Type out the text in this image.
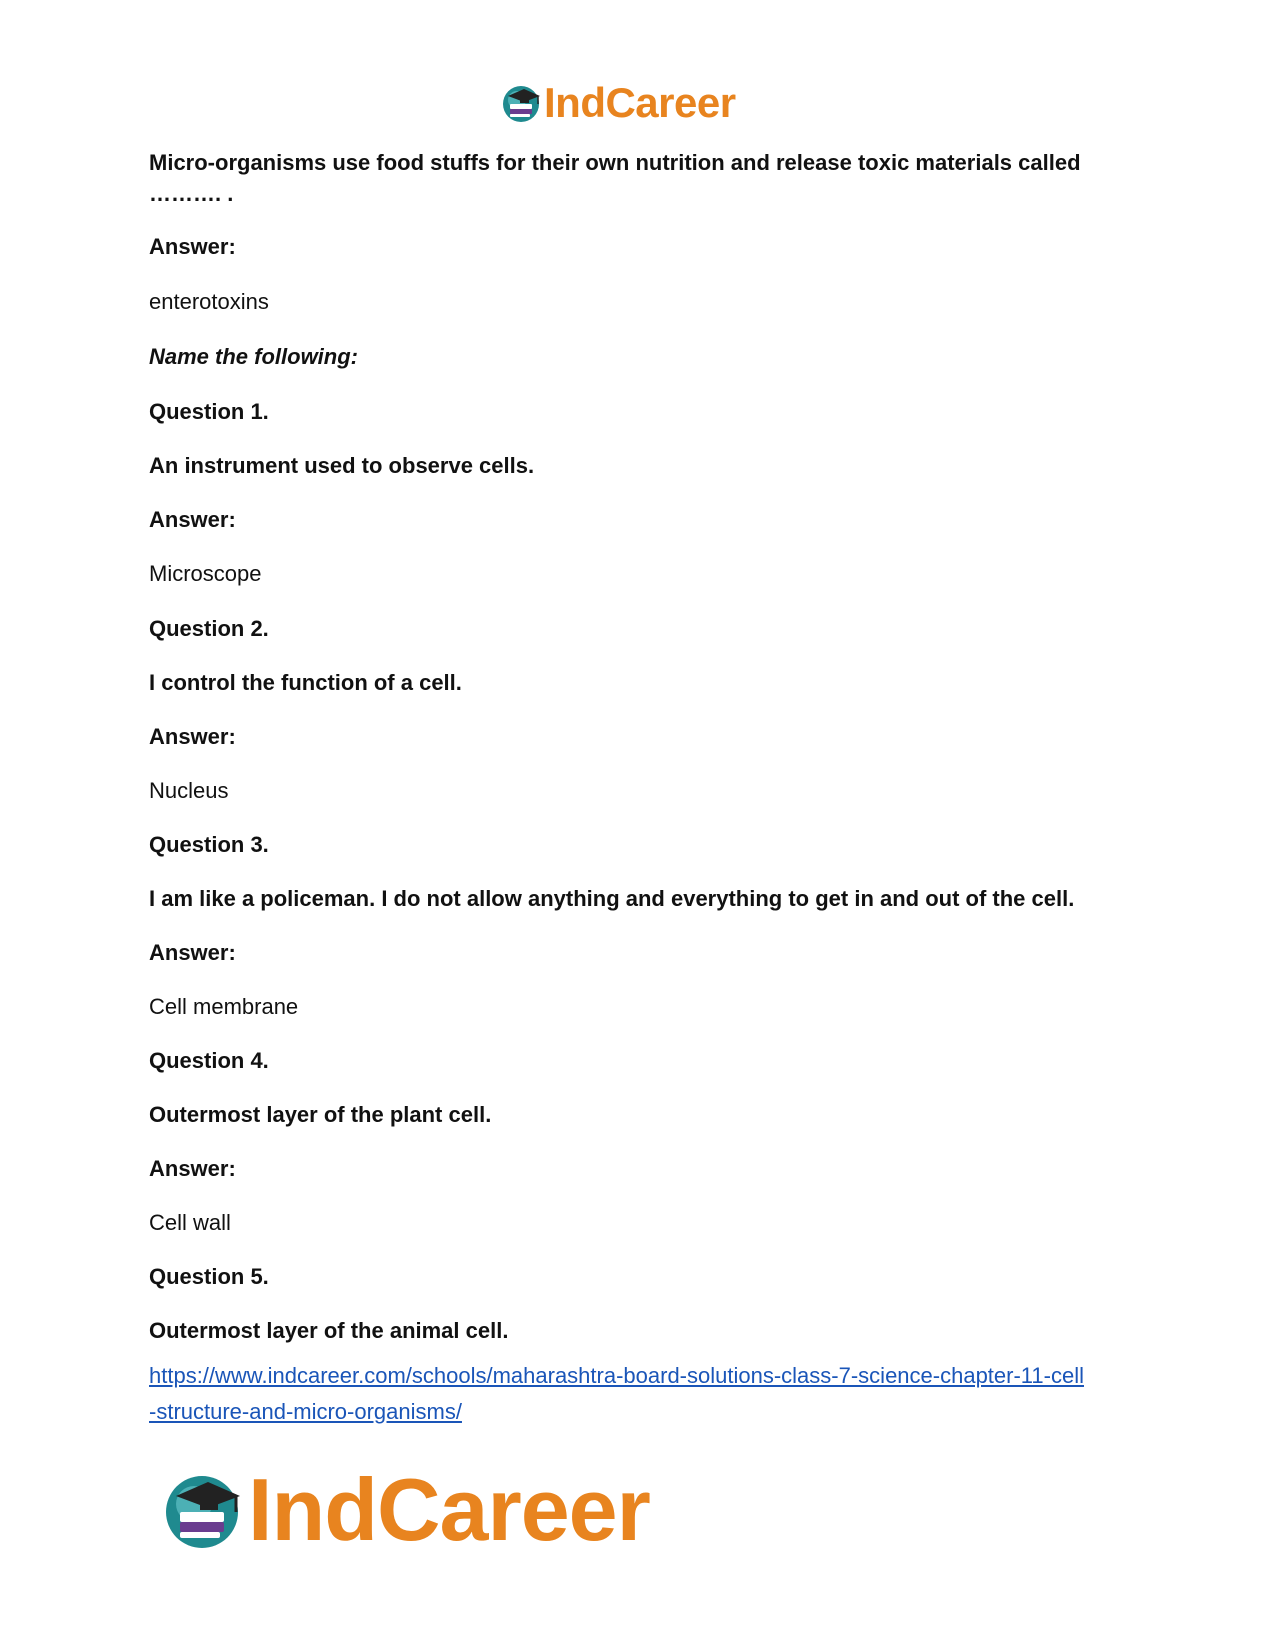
IndCareer

Micro-organisms use food stuffs for their own nutrition and release toxic materials called ………. .

Answer:

enterotoxins

Name the following:

Question 1.

An instrument used to observe cells.

Answer:

Microscope

Question 2.

I control the function of a cell.

Answer:

Nucleus

Question 3.

I am like a policeman. I do not allow anything and everything to get in and out of the cell.

Answer:

Cell membrane

Question 4.

Outermost layer of the plant cell.

Answer:

Cell wall

Question 5.

Outermost layer of the animal cell.

https://www.indcareer.com/schools/maharashtra-board-solutions-class-7-science-chapter-11-cell
-structure-and-micro-organisms/
IndCareer
